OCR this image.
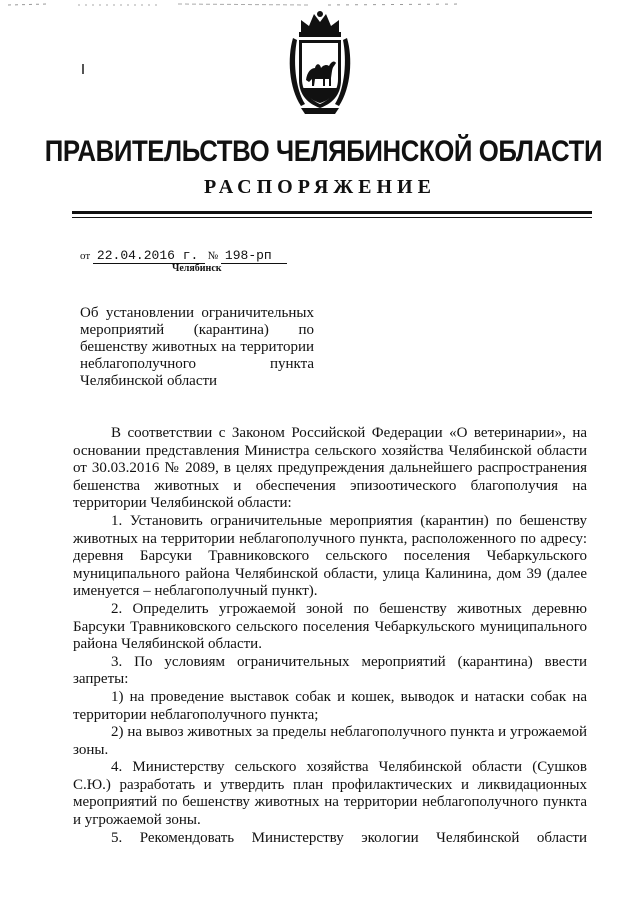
ПРАВИТЕЛЬСТВО ЧЕЛЯБИНСКОЙ ОБЛАСТИ
РАСПОРЯЖЕНИЕ
от 22.04.2016 г. № 198-рп
Челябинск
Об установлении ограничительных мероприятий (карантина) по бешенству животных на территории неблагополучного пункта Челябинской области

В соответствии с Законом Российской Федерации «О ветеринарии», на основании представления Министра сельского хозяйства Челябинской области от 30.03.2016 № 2089, в целях предупреждения дальнейшего распространения бешенства животных и обеспечения эпизоотического благополучия на территории Челябинской области:

1. Установить ограничительные мероприятия (карантин) по бешенству животных на территории неблагополучного пункта, расположенного по адресу: деревня Барсуки Травниковского сельского поселения Чебаркульского муниципального района Челябинской области, улица Калинина, дом 39 (далее именуется – неблагополучный пункт).

2. Определить угрожаемой зоной по бешенству животных деревню Барсуки Травниковского сельского поселения Чебаркульского муниципального района Челябинской области.

3. По условиям ограничительных мероприятий (карантина) ввести запреты:

1) на проведение выставок собак и кошек, выводок и натаски собак на территории неблагополучного пункта;

2) на вывоз животных за пределы неблагополучного пункта и угрожаемой зоны.

4. Министерству сельского хозяйства Челябинской области (Сушков С.Ю.) разработать и утвердить план профилактических и ликвидационных мероприятий по бешенству животных на территории неблагополучного пункта и угрожаемой зоны.

5. Рекомендовать Министерству экологии Челябинской области
